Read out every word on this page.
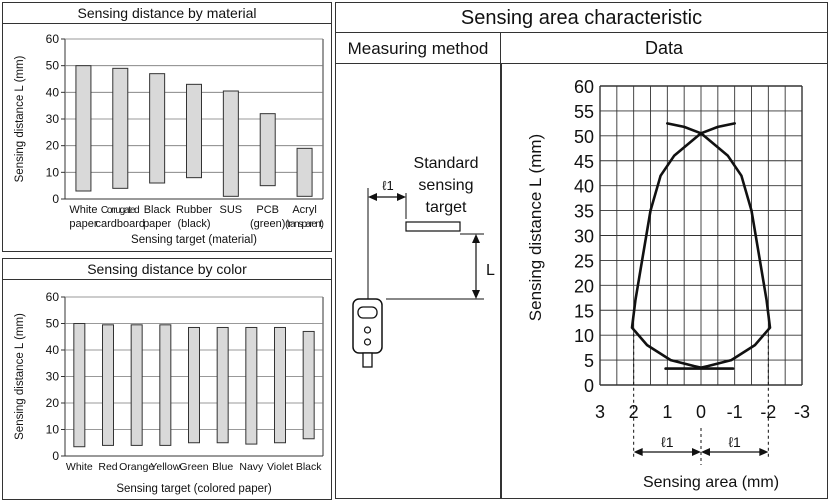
Sensing distance by material
0
10
20
30
40
50
60
Sensing distance L (mm)
White
paper
Corrugated
cardboard
Black
paper
Rubber
(black)
SUS PCB
(green)
Acryl
(transparent)
Sensing target (material)
Sensing distance by color
0
10
20
30
40
50
60
Sensing distance L (mm)
White Red Orange
Yellow Green Blue Navy Violet Black
Sensing target (colored paper)
Sensing area characteristic
Measuring method	Data
0
5
10
15
20
25
30
35
40
45
50
55
60
3 2 1 0 -1 -2 -3
Sensing distance L (mm)
Sensing area (mm)
ℓ1	ℓ1
Standard
sensing
target
ℓ1
L
